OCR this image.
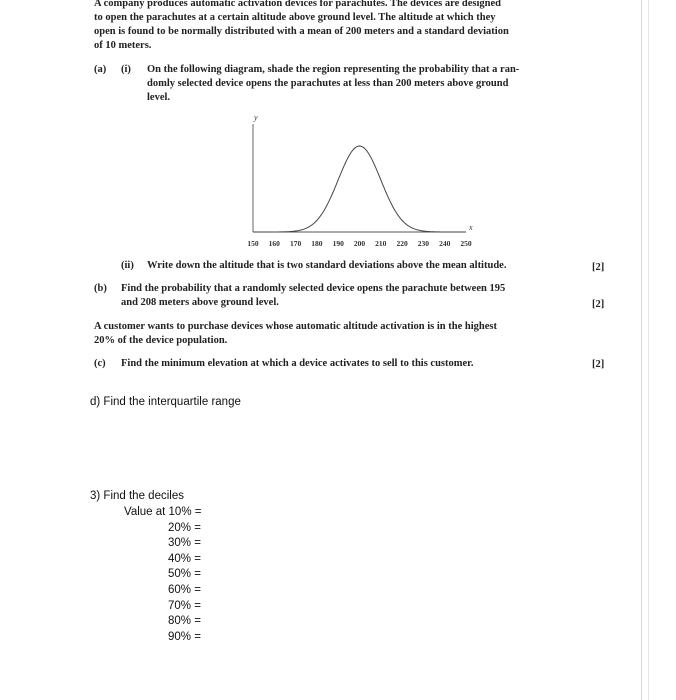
A company produces automatic activation devices for parachutes. The devices are designed
to open the parachutes at a certain altitude above ground level. The altitude at which they
open is found to be normally distributed with a mean of 200 meters and a standard deviation
of 10 meters.
(a) (i) On the following diagram, shade the region representing the probability that a ran-
domly selected device opens the parachutes at less than 200 meters above ground
level.
y
x
150 160 170 180 190 200 210 220 230 240 250
(ii) Write down the altitude that is two standard deviations above the mean altitude.	[2]
(b) Find the probability that a randomly selected device opens the parachute between 195
and 208 meters above ground level.	[2]
A customer wants to purchase devices whose automatic altitude activation is in the highest
20% of the device population.
(c) Find the minimum elevation at which a device activates to sell to this customer.	[2]
d) Find the interquartile range
3) Find the deciles
Value at 10% =
20% =
30% =
40% =
50% =
60% =
70% =
80% =
90% =
